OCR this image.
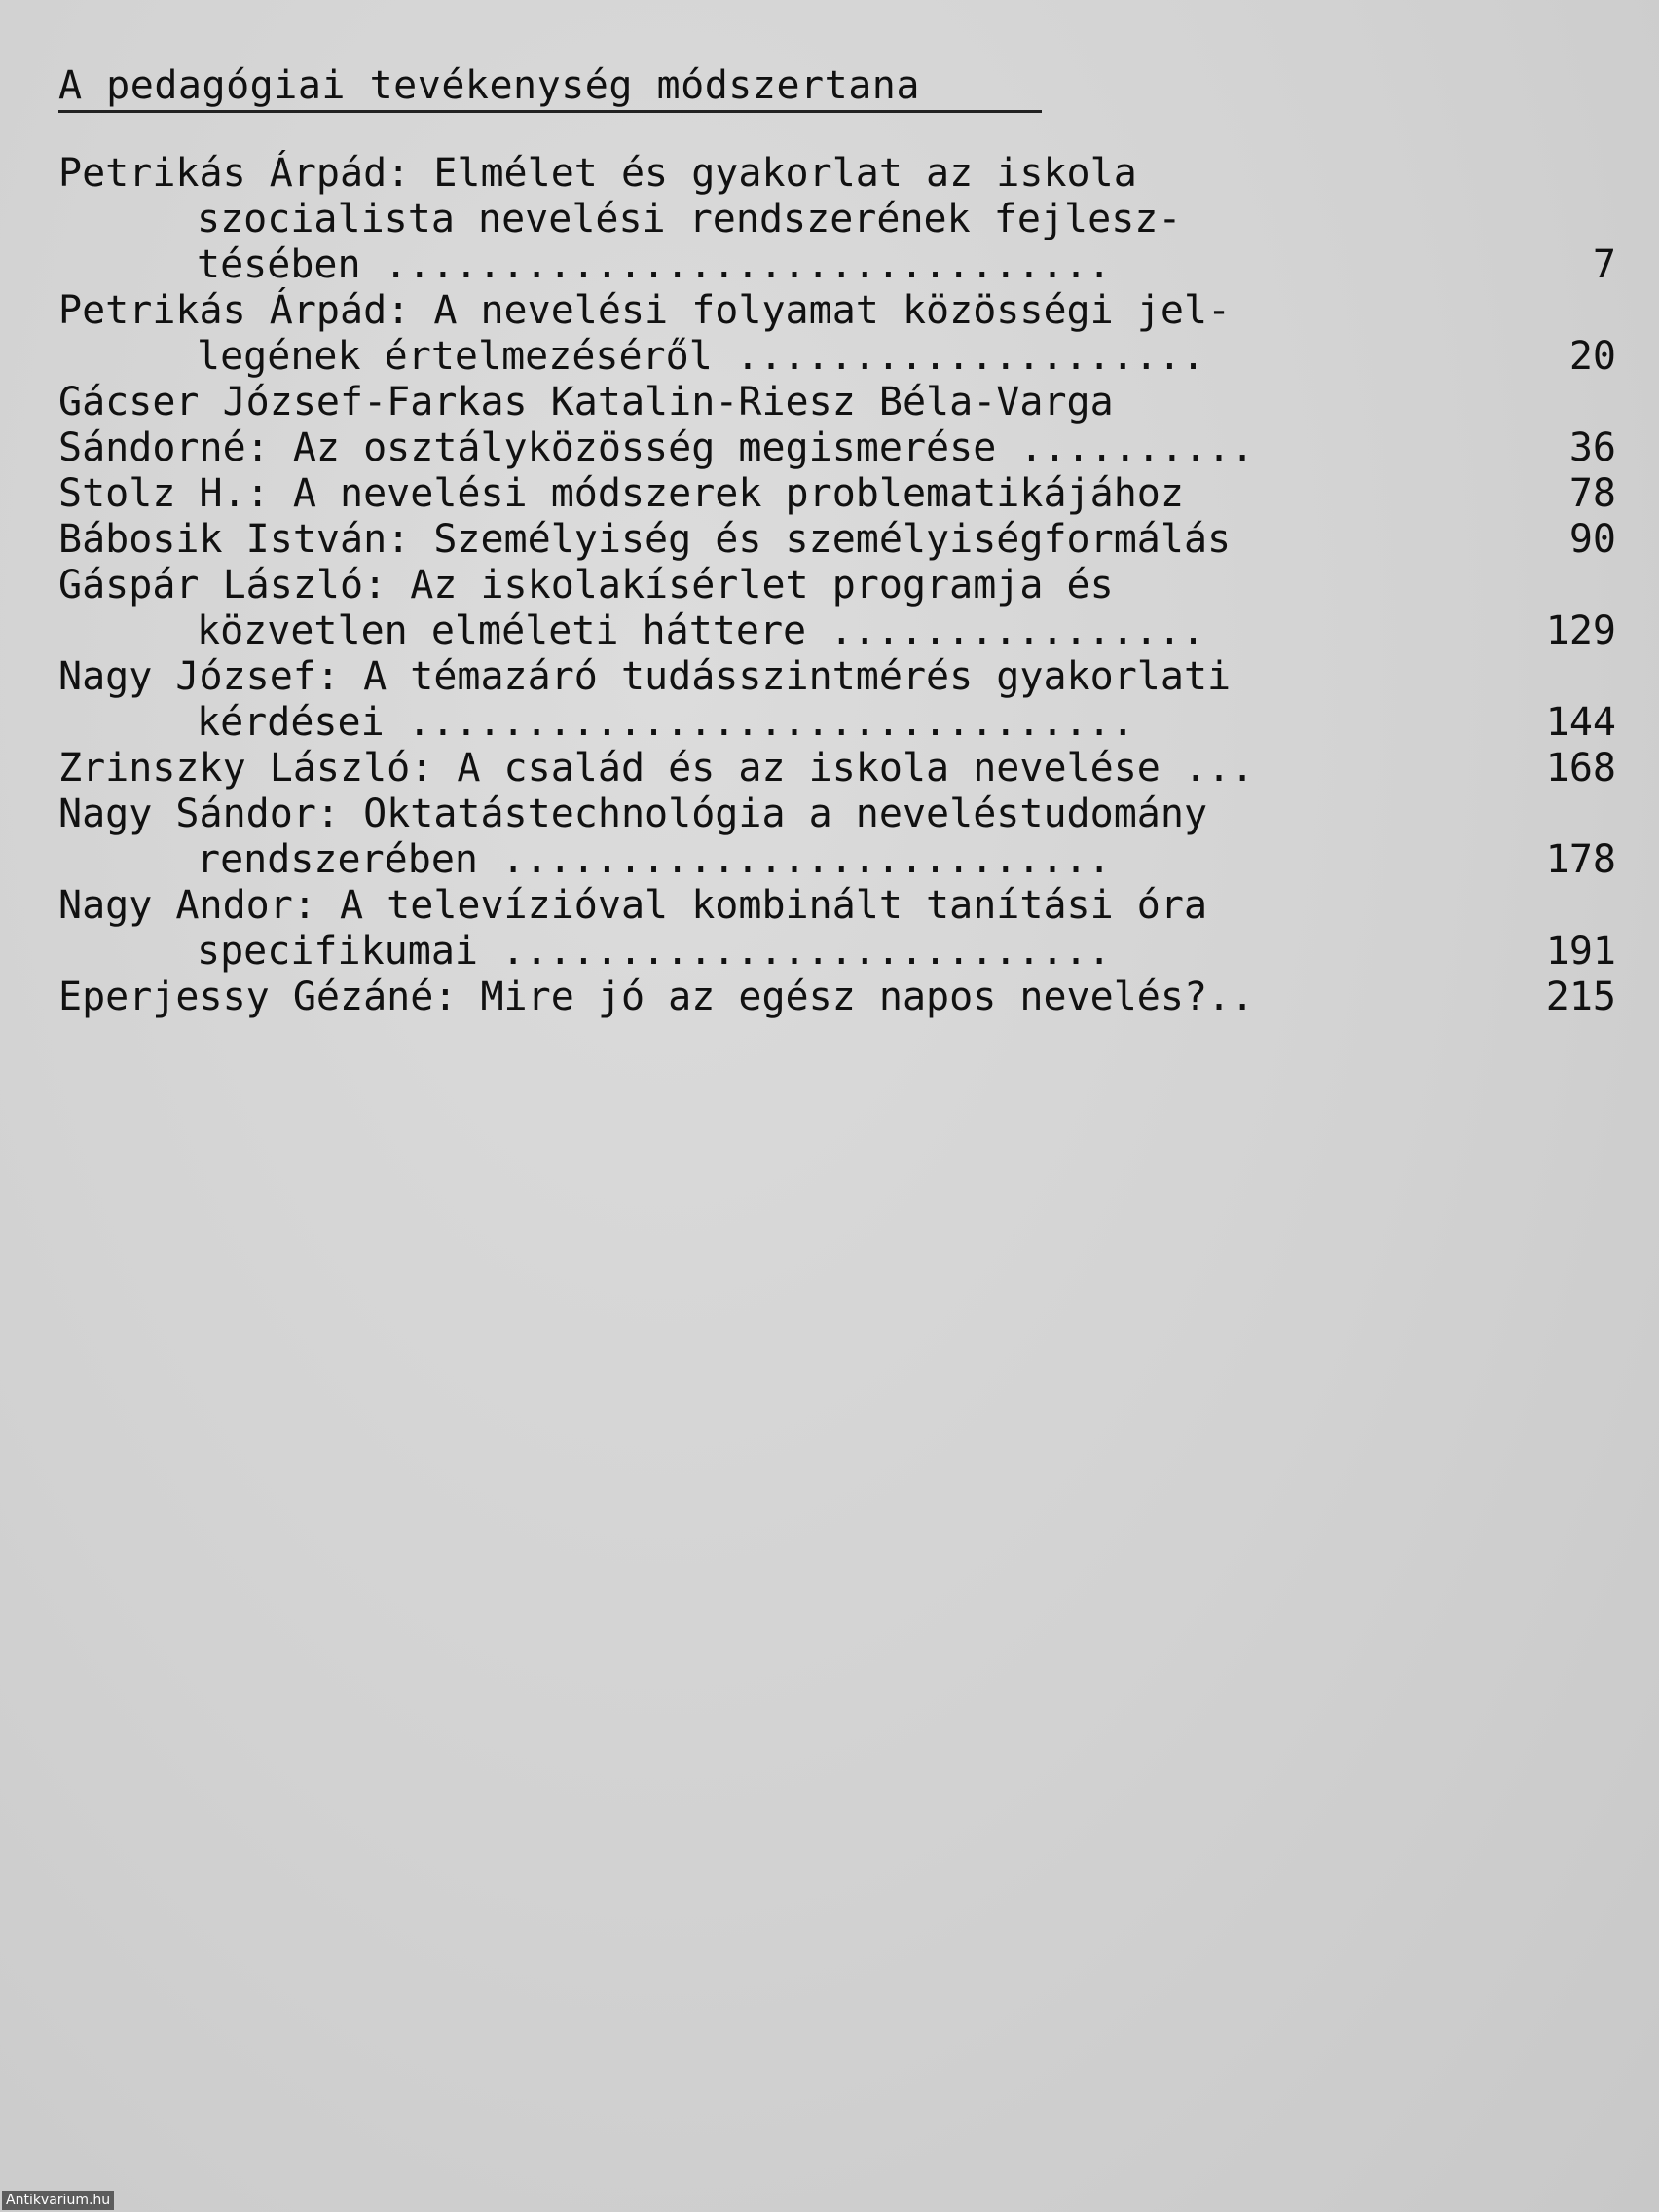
A pedagógiai tevékenység módszertana
Petrikás Árpád: Elmélet és gyakorlat az iskola
szocialista nevelési rendszerének fejlesz-
tésében ...............................	7
Petrikás Árpád: A nevelési folyamat közösségi jel-
legének értelmezéséről ....................	20
Gácser József-Farkas Katalin-Riesz Béla-Varga
Sándorné: Az osztályközösség megismerése ..........	36
Stolz H.: A nevelési módszerek problematikájához	78
Bábosik István: Személyiség és személyiségformálás	90
Gáspár László: Az iskolakísérlet programja és
közvetlen elméleti háttere ................	129
Nagy József: A témazáró tudásszintmérés gyakorlati
kérdései ...............................	144
Zrinszky László: A család és az iskola nevelése ...	168
Nagy Sándor: Oktatástechnológia a neveléstudomány
rendszerében ..........................	178
Nagy Andor: A televízióval kombinált tanítási óra
specifikumai ..........................	191
Eperjessy Gézáné: Mire jó az egész napos nevelés?..	215
Antikvarium.hu
